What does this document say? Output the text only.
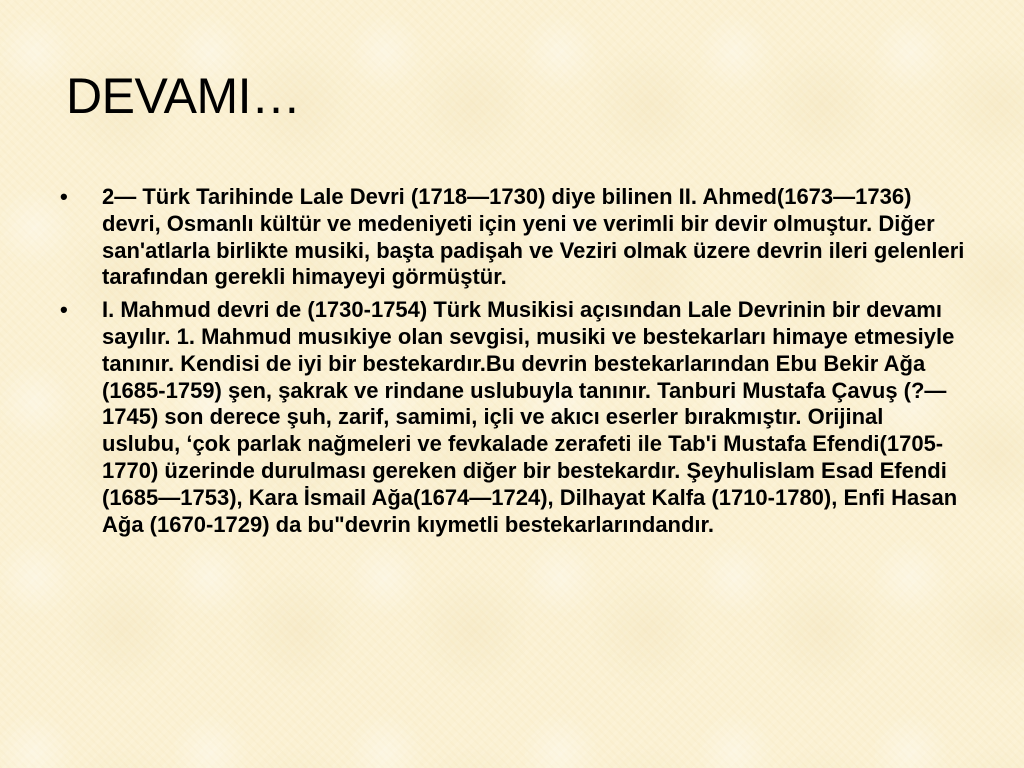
DEVAMI…
•	2— Türk Tarihinde Lale Devri (1718—1730) diye bilinen II. Ahmed(1673—1736) devri, Osmanlı kültür ve medeniyeti için yeni ve verimli bir devir olmuştur. Diğer san'atlarla birlikte musiki, başta padişah ve Veziri olmak üzere devrin ileri gelenleri tarafından gerekli himayeyi görmüştür.
•	I. Mahmud devri de (1730-1754) Türk Musikisi açısından Lale Devrinin bir devamı sayılır. 1. Mahmud musıkiye olan sevgisi, musiki ve bestekarları himaye etmesiyle tanınır. Kendisi de iyi bir bestekardır.Bu devrin bestekarlarından Ebu Bekir Ağa (1685-1759) şen, şakrak ve rindane uslubuyla tanınır. Tanburi Mustafa Çavuş (?—1745) son derece şuh, zarif, samimi, içli ve akıcı eserler bırakmıştır. Orijinal uslubu, ‘çok parlak nağmeleri ve fevkalade zerafeti ile Tab'i Mustafa Efendi(1705- 1770) üzerinde durulması gereken diğer bir bestekardır. Şeyhulislam Esad Efendi (1685—1753), Kara İsmail Ağa(1674—1724), Dilhayat Kalfa (1710-1780), Enfi Hasan Ağa (1670-1729) da bu"devrin kıymetli bestekarlarındandır.
